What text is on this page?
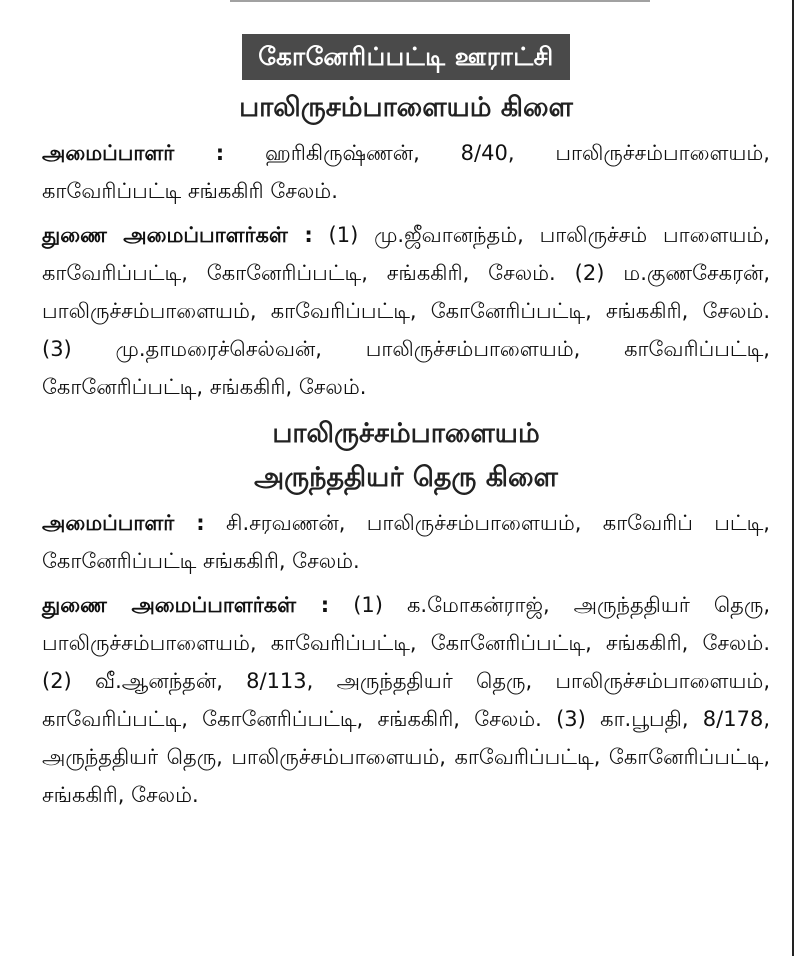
கோனேரிப்பட்டி ஊராட்சி
பாலிருசம்பாளையம் கிளை

அமைப்பாளர் : ஹரிகிருஷ்ணன், 8/40, பாலிருச்சம்பாளையம், காவேரிப்பட்டி சங்ககிரி சேலம்.

துணை அமைப்பாளர்கள் : (1) மு.ஜீவானந்தம், பாலிருச்சம் பாளையம், காவேரிப்பட்டி, கோனேரிப்பட்டி, சங்ககிரி, சேலம். (2) ம.குணசேகரன், பாலிருச்சம்பாளையம், காவேரிப்பட்டி, கோனேரிப்பட்டி, சங்ககிரி, சேலம். (3) மு.தாமரைச்செல்வன், பாலிருச்சம்பாளையம், காவேரிப்பட்டி, கோனேரிப்பட்டி, சங்ககிரி, சேலம்.

பாலிருச்சம்பாளையம்
அருந்ததியர் தெரு கிளை

அமைப்பாளர் : சி.சரவணன், பாலிருச்சம்பாளையம், காவேரிப் பட்டி, கோனேரிப்பட்டி சங்ககிரி, சேலம்.

துணை அமைப்பாளர்கள் : (1) க.மோகன்ராஜ், அருந்ததியர் தெரு, பாலிருச்சம்பாளையம், காவேரிப்பட்டி, கோனேரிப்பட்டி, சங்ககிரி, சேலம். (2) வீ.ஆனந்தன், 8/113, அருந்ததியர் தெரு, பாலிருச்சம்பாளையம், காவேரிப்பட்டி, கோனேரிப்பட்டி, சங்ககிரி, சேலம். (3) கா.பூபதி, 8/178, அருந்ததியர் தெரு, பாலிருச்சம்பாளையம், காவேரிப்பட்டி, கோனேரிப்பட்டி, சங்ககிரி, சேலம்.
